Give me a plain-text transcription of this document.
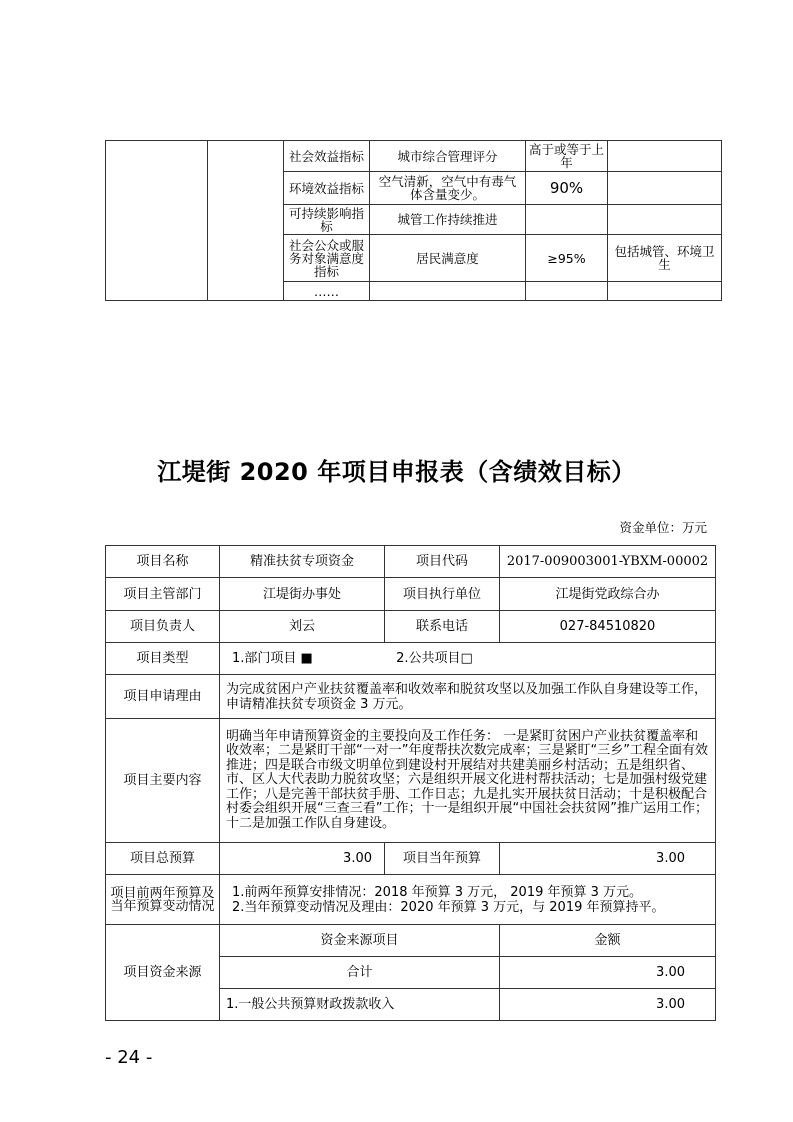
		社会效益指标	城市综合管理评分	高于或等于上年	
		环境效益指标	空气清新，空气中有毒气体含量变少。	90%	
		可持续影响指标	城管工作持续推进		
		社会公众或服务对象满意度指标	居民满意度	≥95%	包括城管、环境卫生
		……			
江堤街 2020 年项目申报表（含绩效目标）
资金单位：万元
项目名称	精准扶贫专项资金	项目代码	2017-009003001-YBXM-00002
项目主管部门	江堤街办事处	项目执行单位	江堤街党政综合办
项目负责人	刘云	联系电话	027-84510820
项目类型	1.部门项目 ■ 2.公共项目□		
项目申请理由	为完成贫困户产业扶贫覆盖率和收效率和脱贫攻坚以及加强工作队自身建设等工作，申请精准扶贫专项资金 3 万元。		
项目主要内容	明确当年申请预算资金的主要投向及工作任务： 一是紧盯贫困户产业扶贫覆盖率和收效率；二是紧盯干部“一对一”年度帮扶次数完成率；三是紧盯“三乡”工程全面有效推进；四是联合市级文明单位到建设村开展结对共建美丽乡村活动；五是组织省、市、区人大代表助力脱贫攻坚；六是组织开展文化进村帮扶活动；七是加强村级党建工作；八是完善干部扶贫手册、工作日志；九是扎实开展扶贫日活动；十是积极配合村委会组织开展“三查三看”工作；十一是组织开展“中国社会扶贫网”推广运用工作；十二是加强工作队自身建设。		
项目总预算	3.00	项目当年预算	3.00
项目前两年预算及当年预算变动情况	1.前两年预算安排情况：2018 年预算 3 万元， 2019 年预算 3 万元。
2.当年预算变动情况及理由：2020 年预算 3 万元，与 2019 年预算持平。		

项目资金来源	资金来源项目		金额
	合计		3.00
	1.一般公共预算财政拨款收入		3.00
- 24 -
